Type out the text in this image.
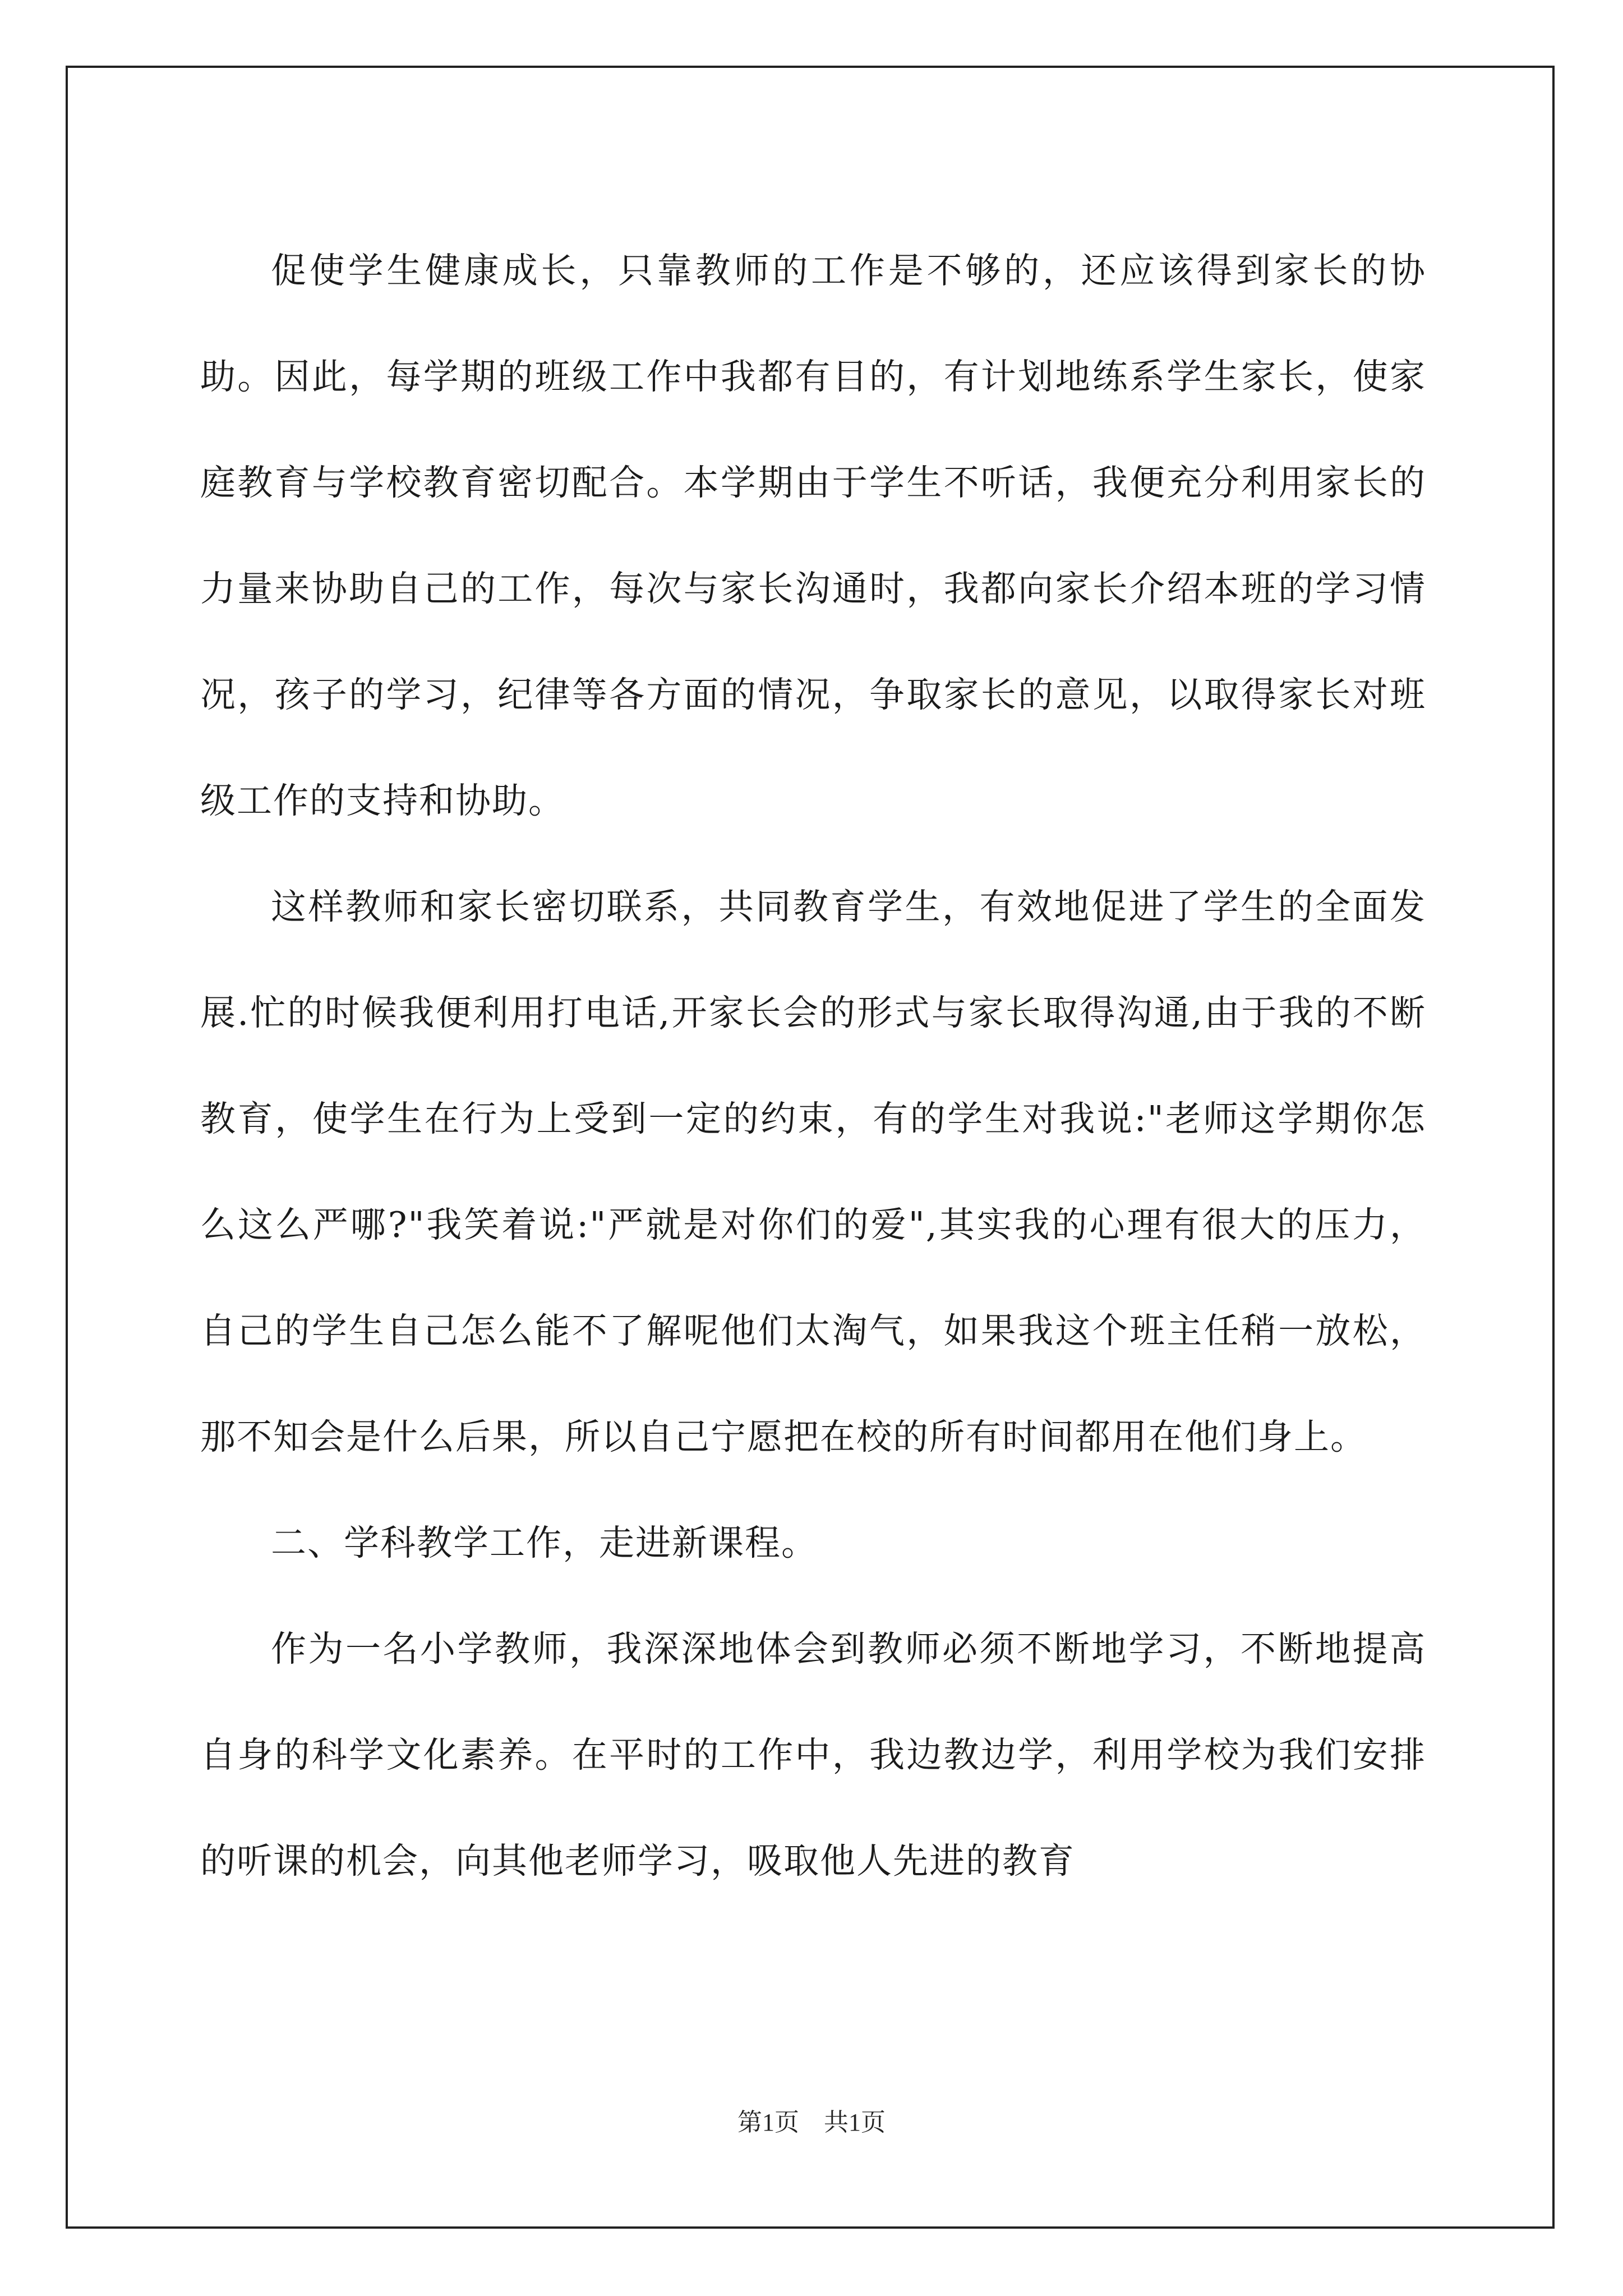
促使学生健康成长，只靠教师的工作是不够的，还应该得到家长的协助。因此，每学期的班级工作中我都有目的，有计划地练系学生家长，使家庭教育与学校教育密切配合。本学期由于学生不听话，我便充分利用家长的力量来协助自己的工作，每次与家长沟通时，我都向家长介绍本班的学习情况，孩子的学习，纪律等各方面的情况，争取家长的意见，以取得家长对班级工作的支持和协助。

这样教师和家长密切联系，共同教育学生，有效地促进了学生的全面发展.忙的时候我便利用打电话,开家长会的形式与家长取得沟通,由于我的不断教育，使学生在行为上受到一定的约束，有的学生对我说:"老师这学期你怎么这么严哪?"我笑着说:"严就是对你们的爱",其实我的心理有很大的压力，自己的学生自己怎么能不了解呢他们太淘气，如果我这个班主任稍一放松，那不知会是什么后果，所以自己宁愿把在校的所有时间都用在他们身上。

二、学科教学工作，走进新课程。

作为一名小学教师，我深深地体会到教师必须不断地学习，不断地提高自身的科学文化素养。在平时的工作中，我边教边学，利用学校为我们安排的听课的机会，向其他老师学习，吸取他人先进的教育

第1页　共1页
